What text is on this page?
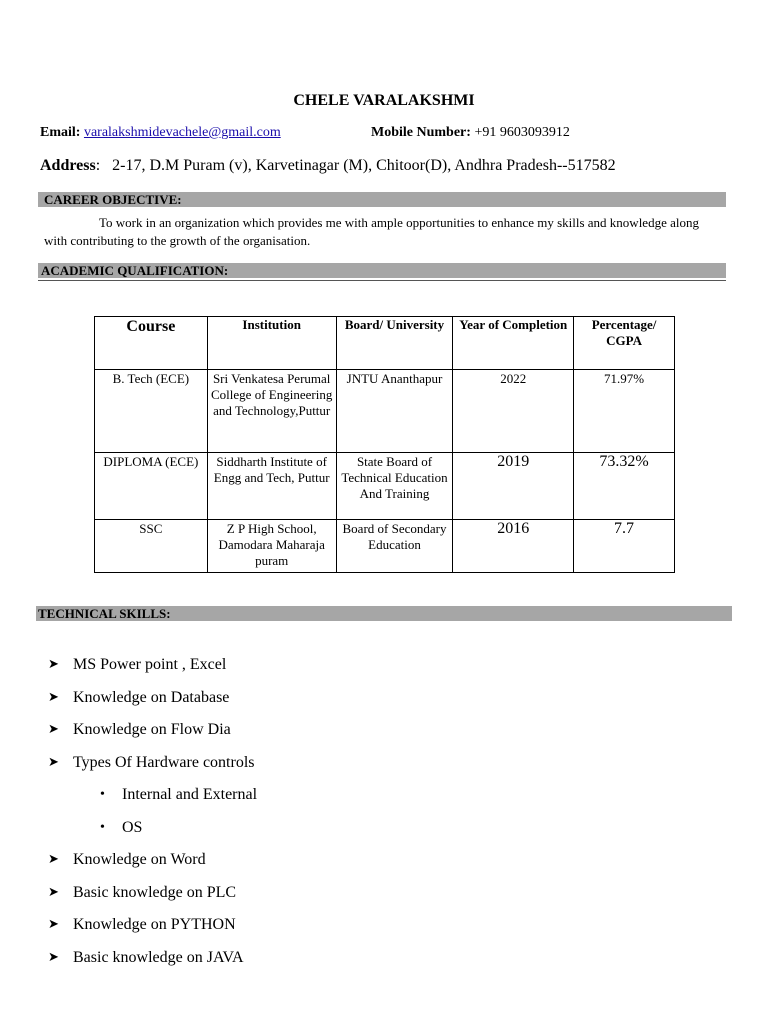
CHELE VARALAKSHMI
Email: varalakshmidevachele@gmail.com	Mobile Number: +91 9603093912
Address:   2-17, D.M Puram (v), Karvetinagar (M), Chitoor(D), Andhra Pradesh--517582
CAREER OBJECTIVE:
To work in an organization which provides me with ample opportunities to enhance my skills and knowledge along with contributing to the growth of the organisation.
ACADEMIC QUALIFICATION:
Course	Institution	Board/ University	Year of Completion	Percentage/ CGPA
B. Tech (ECE)	Sri Venkatesa Perumal College of Engineering and Technology,Puttur	JNTU Ananthapur	2022	71.97%
DIPLOMA (ECE)	Siddharth Institute of Engg and Tech, Puttur	State Board of Technical Education And Training	2019	73.32%
SSC	Z P High School, Damodara Maharaja puram	Board of Secondary Education	2016	7.7
TECHNICAL SKILLS:
➤ MS Power point , Excel
➤ Knowledge on Database
➤ Knowledge on Flow Dia
➤ Types Of Hardware controls
•	Internal and External
•	OS
➤ Knowledge on Word
➤ Basic knowledge on PLC
➤ Knowledge on PYTHON
➤ Basic knowledge on JAVA
